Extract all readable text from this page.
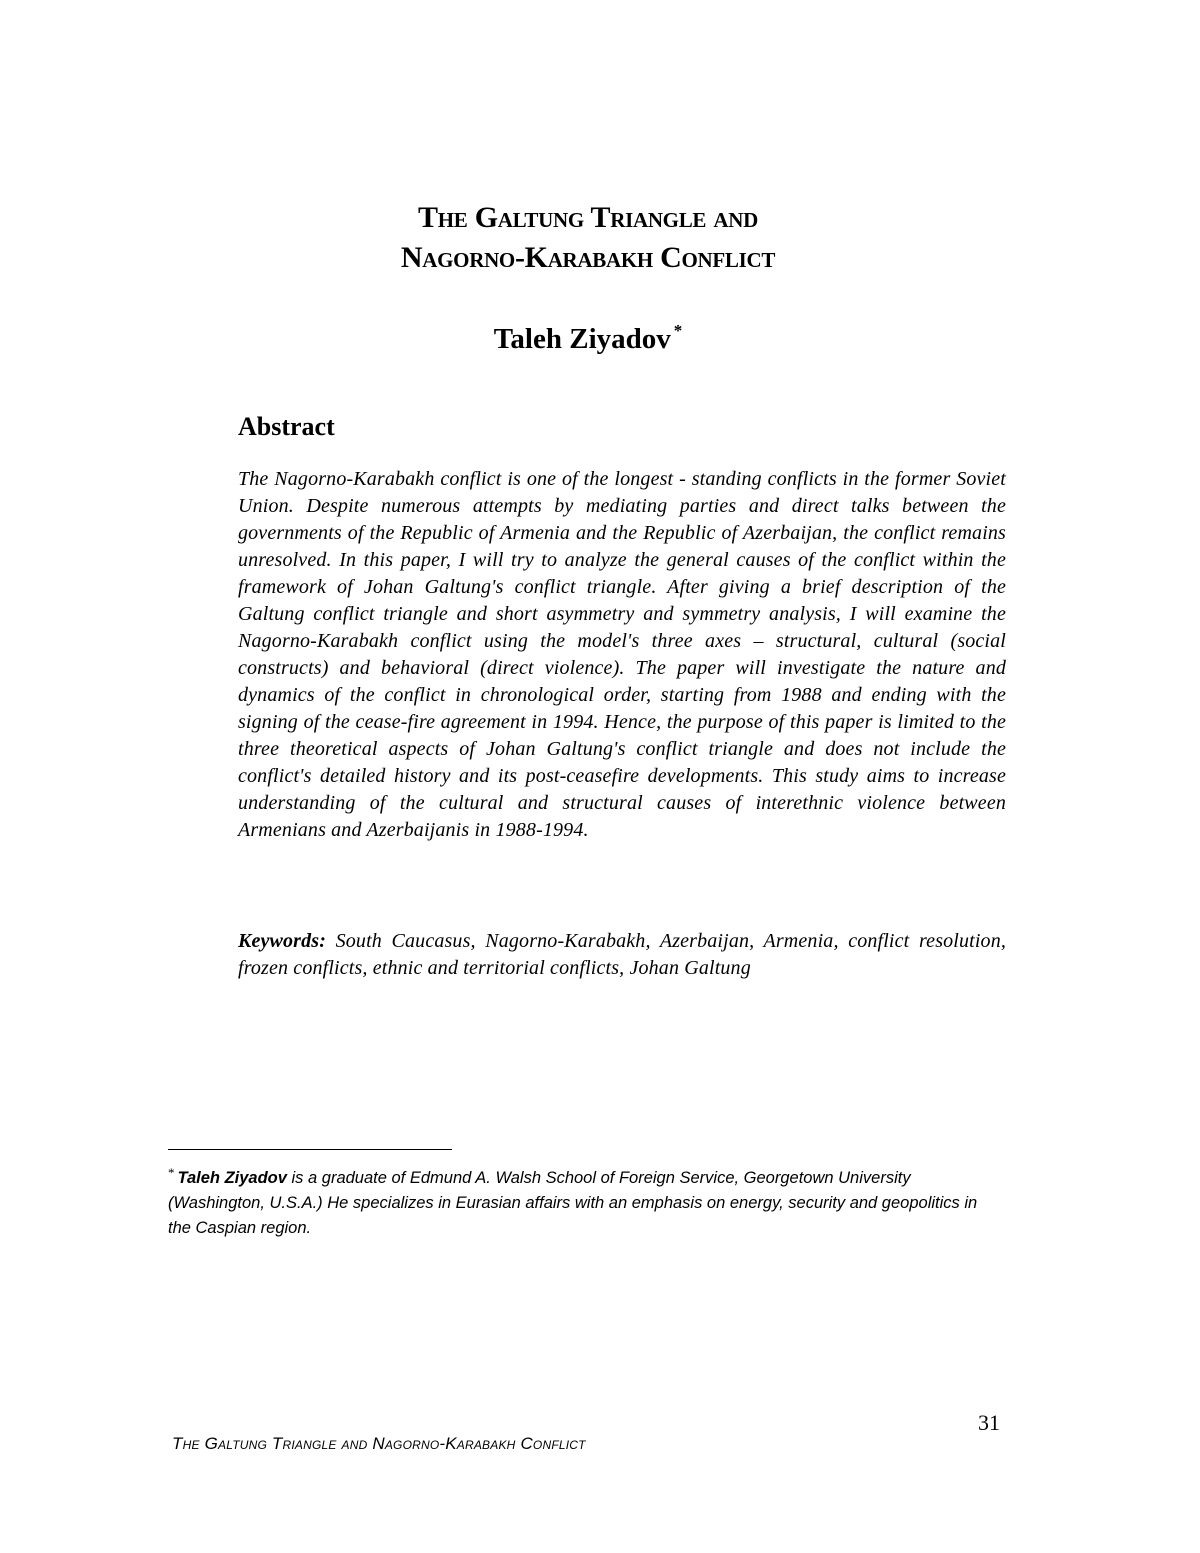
The Galtung Triangle and
Nagorno-Karabakh Conflict
Taleh Ziyadov *
Abstract
The Nagorno-Karabakh conflict is one of the longest - standing conflicts in the former Soviet Union. Despite numerous attempts by mediating parties and direct talks between the governments of the Republic of Armenia and the Republic of Azerbaijan, the conflict remains unresolved. In this paper, I will try to analyze the general causes of the conflict within the framework of Johan Galtung's conflict triangle. After giving a brief description of the Galtung conflict triangle and short asymmetry and symmetry analysis, I will examine the Nagorno-Karabakh conflict using the model's three axes – structural, cultural (social constructs) and behavioral (direct violence). The paper will investigate the nature and dynamics of the conflict in chronological order, starting from 1988 and ending with the signing of the cease-fire agreement in 1994. Hence, the purpose of this paper is limited to the three theoretical aspects of Johan Galtung's conflict triangle and does not include the conflict's detailed history and its post-ceasefire developments. This study aims to increase understanding of the cultural and structural causes of interethnic violence between Armenians and Azerbaijanis in 1988-1994.
Keywords: South Caucasus, Nagorno-Karabakh, Azerbaijan, Armenia, conflict resolution, frozen conflicts, ethnic and territorial conflicts, Johan Galtung
* Taleh Ziyadov is a graduate of Edmund A. Walsh School of Foreign Service, Georgetown University (Washington, U.S.A.) He specializes in Eurasian affairs with an emphasis on energy, security and geopolitics in the Caspian region.
31
The Galtung Triangle and Nagorno-Karabakh Conflict
